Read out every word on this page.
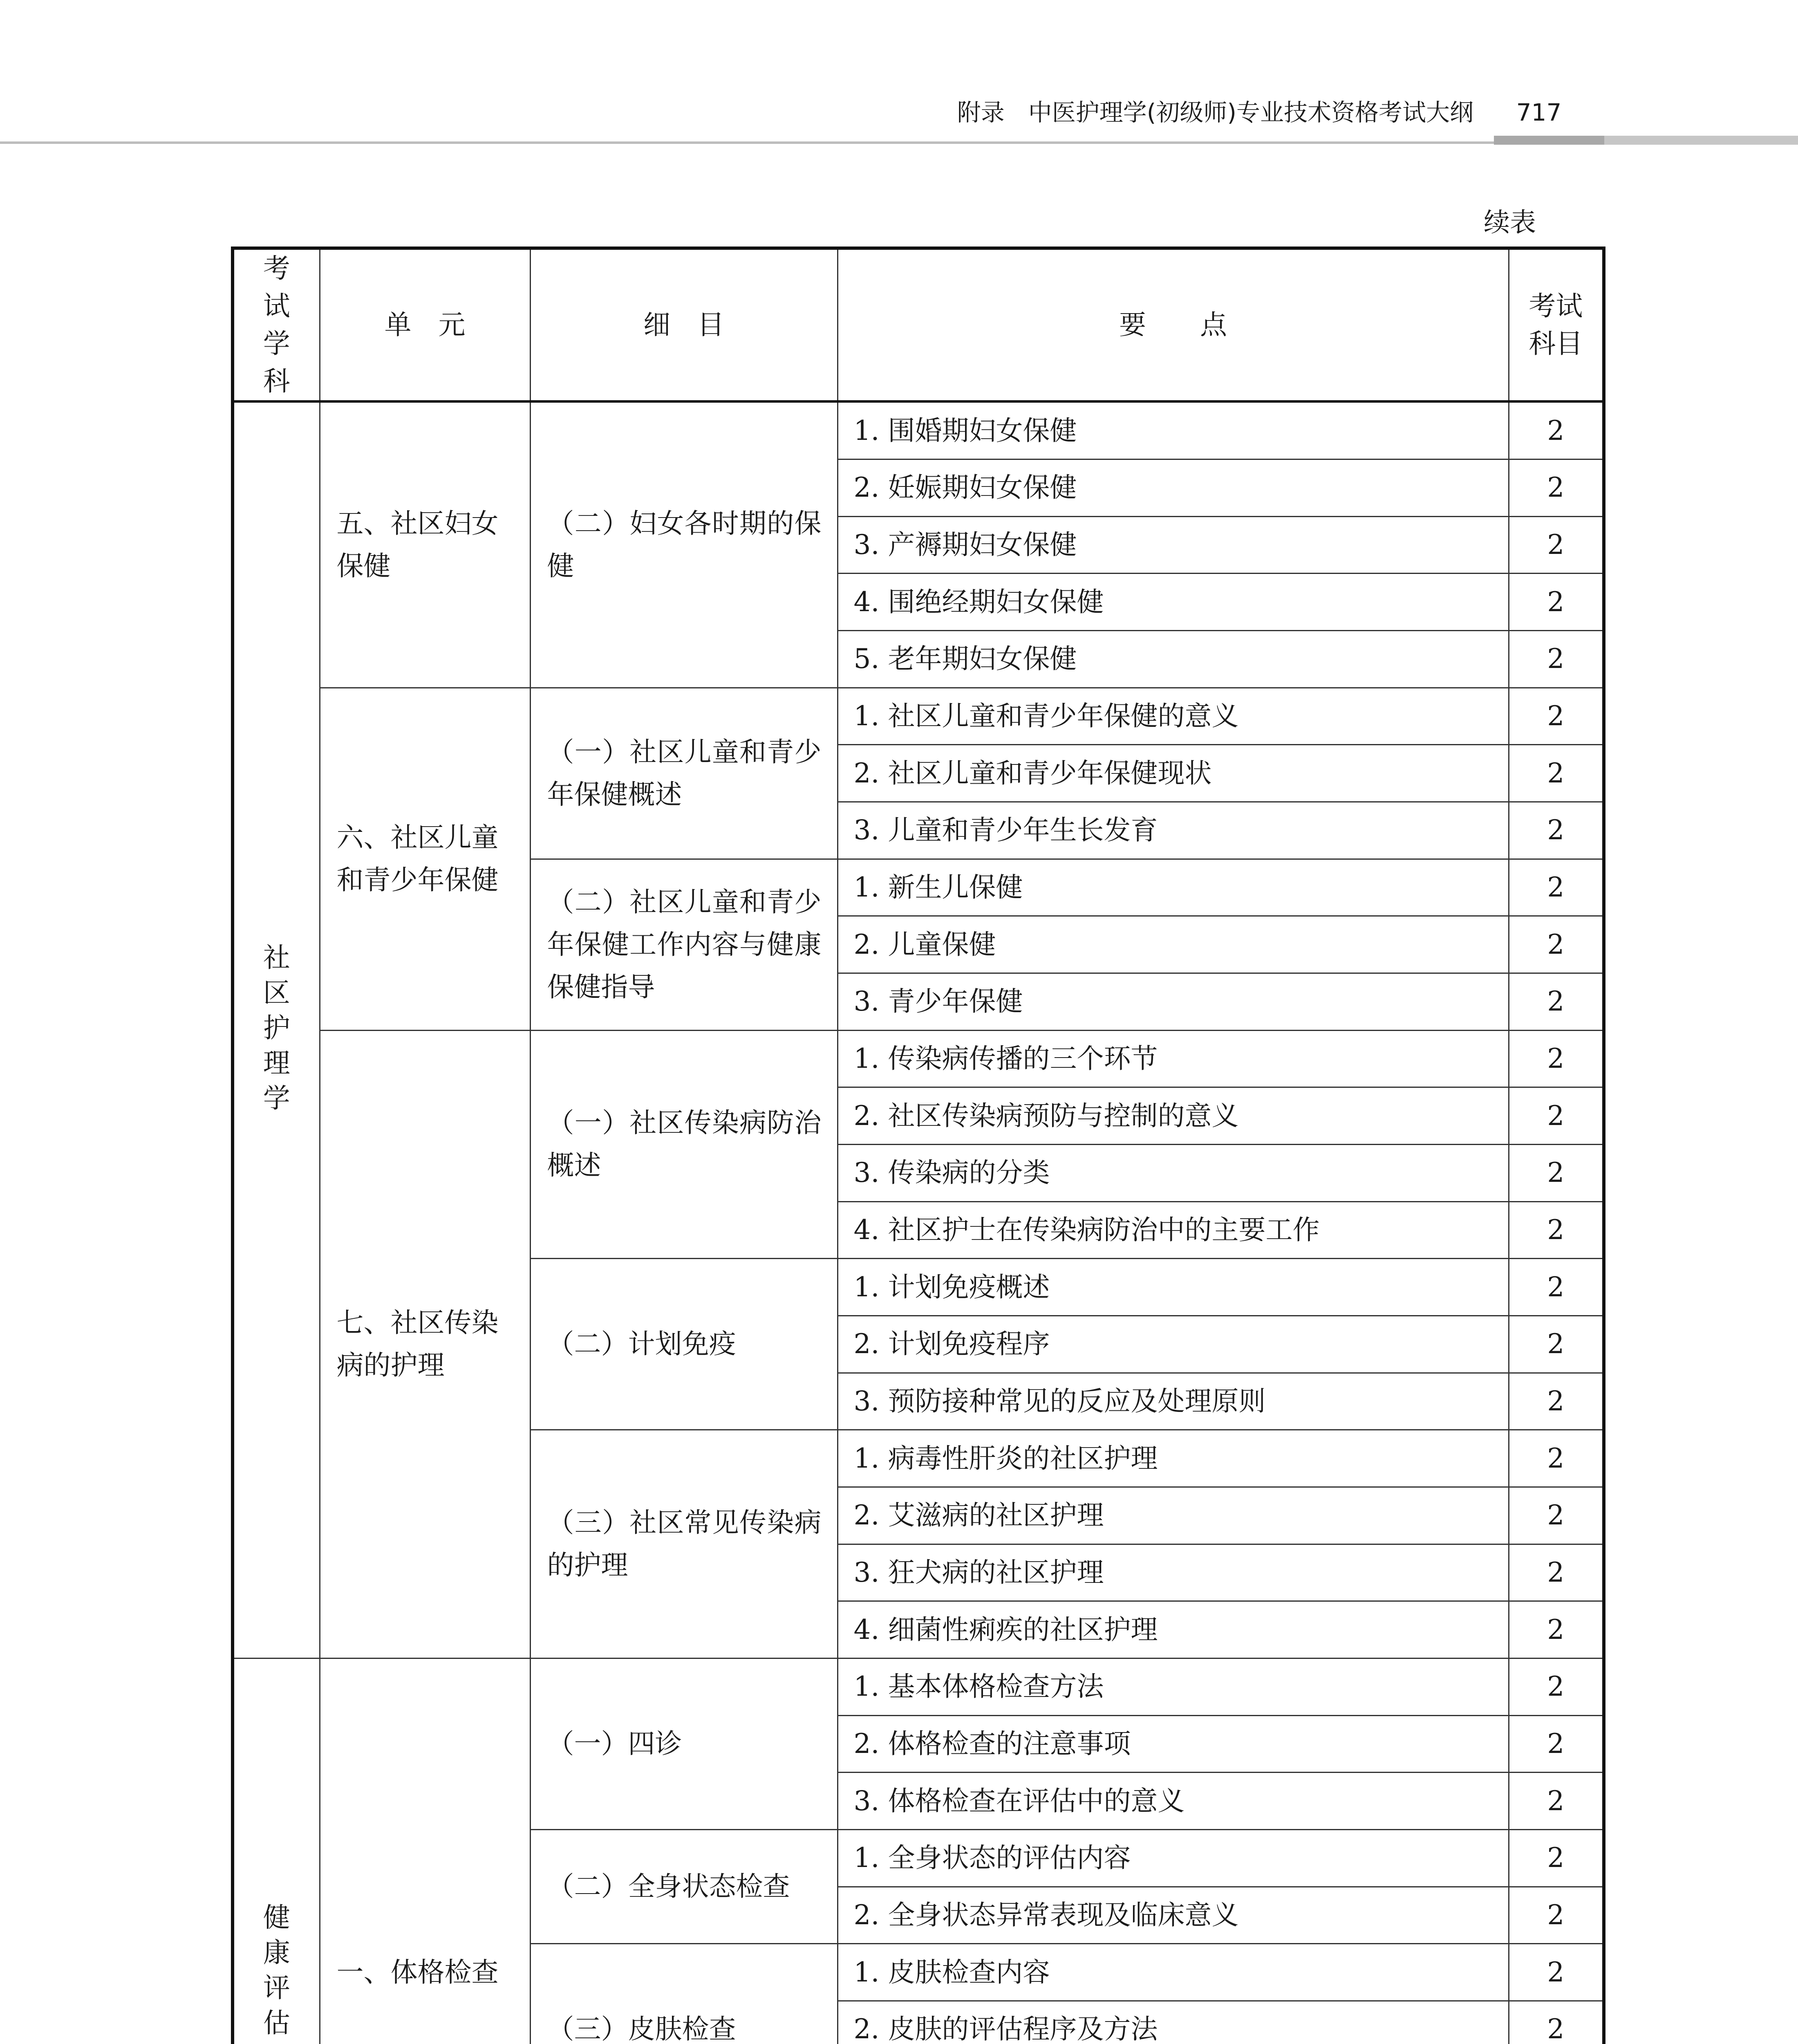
附录　中医护理学(初级师)专业技术资格考试大纲	717
续表
考试学科	单　元	细　目	要　　点	考试科目
社区护理学	五、社区妇女保健	（二）妇女各时期的保健	1. 围婚期妇女保健	2
			2. 妊娠期妇女保健	2
			3. 产褥期妇女保健	2
			4. 围绝经期妇女保健	2
			5. 老年期妇女保健	2
	六、社区儿童和青少年保健	（一）社区儿童和青少年保健概述	1. 社区儿童和青少年保健的意义	2
			2. 社区儿童和青少年保健现状	2
			3. 儿童和青少年生长发育	2
		（二）社区儿童和青少年保健工作内容与健康保健指导	1. 新生儿保健	2
			2. 儿童保健	2
			3. 青少年保健	2
	七、社区传染病的护理	（一）社区传染病防治概述	1. 传染病传播的三个环节	2
			2. 社区传染病预防与控制的意义	2
			3. 传染病的分类	2
			4. 社区护士在传染病防治中的主要工作	2
		（二）计划免疫	1. 计划免疫概述	2
			2. 计划免疫程序	2
			3. 预防接种常见的反应及处理原则	2
		（三）社区常见传染病的护理	1. 病毒性肝炎的社区护理	2
			2. 艾滋病的社区护理	2
			3. 狂犬病的社区护理	2
			4. 细菌性痢疾的社区护理	2
健康评估	一、体格检查	（一）四诊	1. 基本体格检查方法	2
			2. 体格检查的注意事项	2
			3. 体格检查在评估中的意义	2
		（二）全身状态检查	1. 全身状态的评估内容	2
			2. 全身状态异常表现及临床意义	2
		（三）皮肤检查	1. 皮肤检查内容	2
			2. 皮肤的评估程序及方法	2
